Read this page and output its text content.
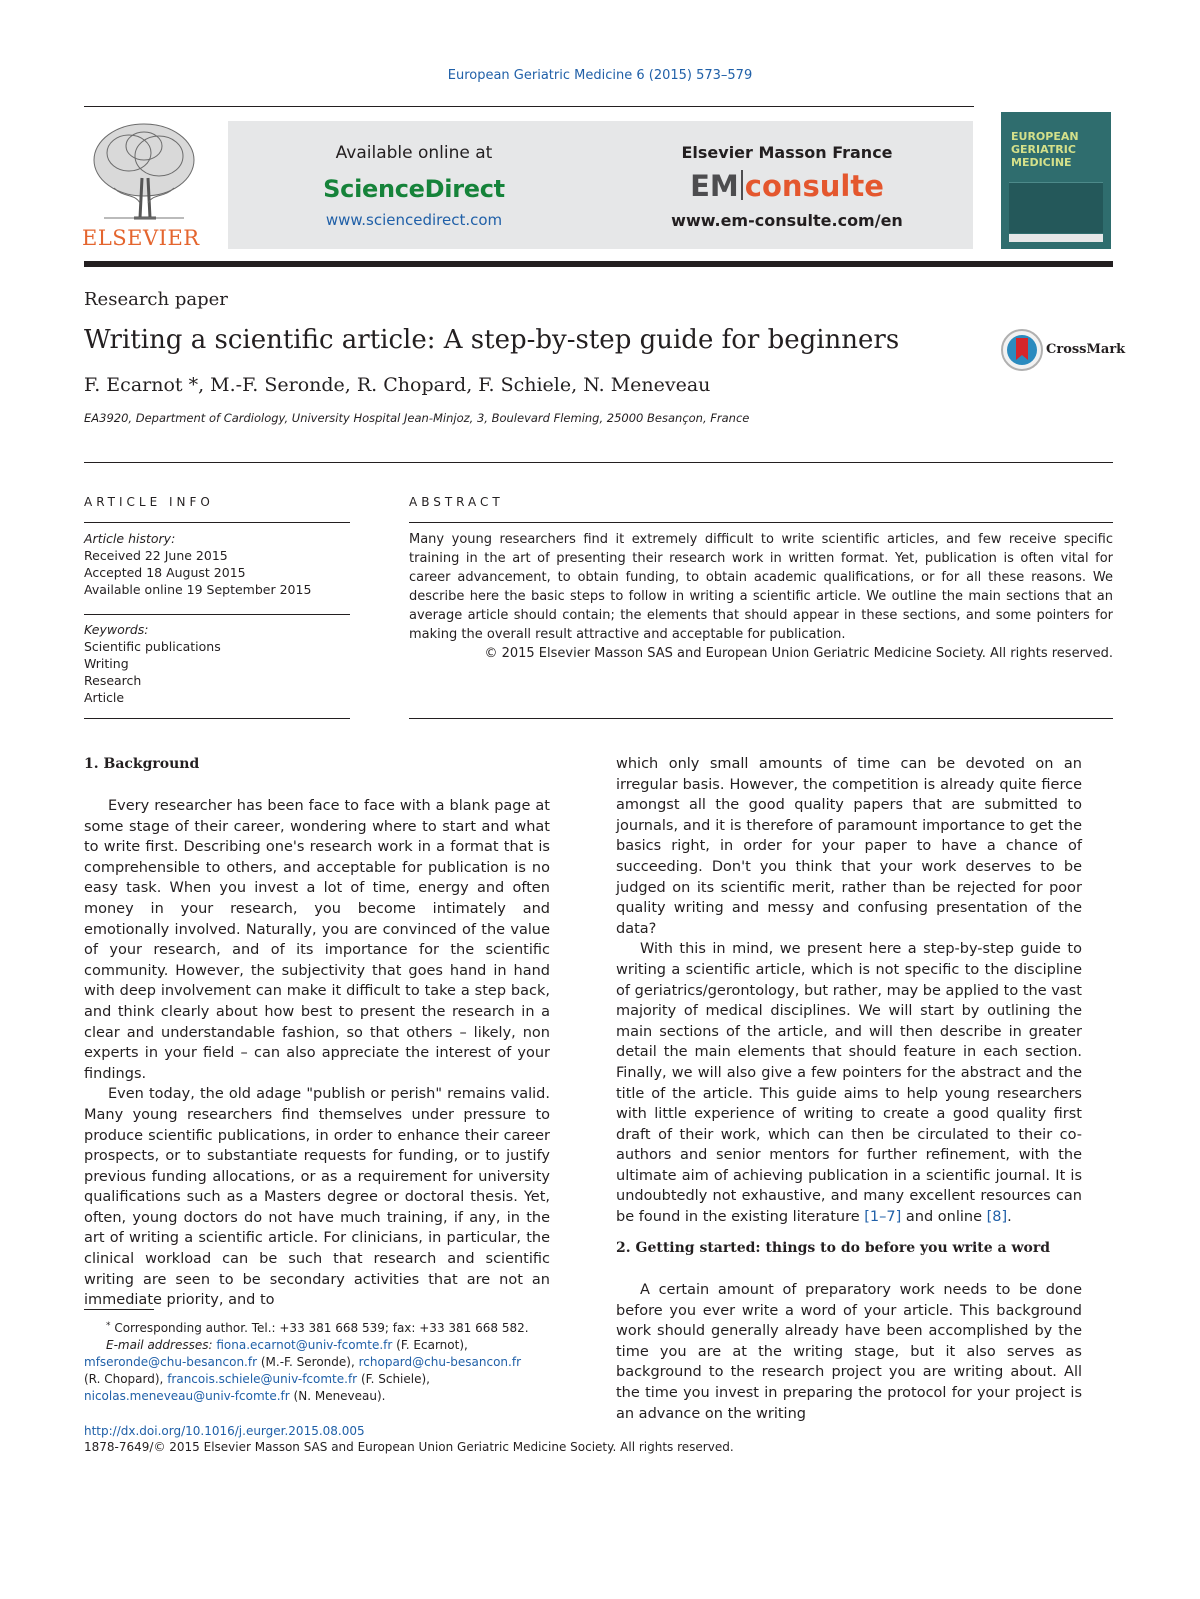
European Geriatric Medicine 6 (2015) 573–579
ELSEVIER
Available online at
ScienceDirect
www.sciencedirect.com
Elsevier Masson France
EM consulte
www.em-consulte.com/en
EUROPEAN
GERIATRIC
MEDICINE
Research paper
Writing a scientific article: A step-by-step guide for beginners
F. Ecarnot *, M.-F. Seronde, R. Chopard, F. Schiele, N. Meneveau
EA3920, Department of Cardiology, University Hospital Jean-Minjoz, 3, Boulevard Fleming, 25000 Besançon, France
CrossMark
ARTICLE INFO
Article history:
Received 22 June 2015
Accepted 18 August 2015
Available online 19 September 2015
Keywords:
Scientific publications
Writing
Research
Article
ABSTRACT
Many young researchers find it extremely difficult to write scientific articles, and few receive specific training in the art of presenting their research work in written format. Yet, publication is often vital for career advancement, to obtain funding, to obtain academic qualifications, or for all these reasons. We describe here the basic steps to follow in writing a scientific article. We outline the main sections that an average article should contain; the elements that should appear in these sections, and some pointers for making the overall result attractive and acceptable for publication.
© 2015 Elsevier Masson SAS and European Union Geriatric Medicine Society. All rights reserved.
1. Background

Every researcher has been face to face with a blank page at some stage of their career, wondering where to start and what to write first. Describing one's research work in a format that is comprehensible to others, and acceptable for publication is no easy task. When you invest a lot of time, energy and often money in your research, you become intimately and emotionally involved. Naturally, you are convinced of the value of your research, and of its importance for the scientific community. However, the subjectivity that goes hand in hand with deep involvement can make it difficult to take a step back, and think clearly about how best to present the research in a clear and understandable fashion, so that others – likely, non experts in your field – can also appreciate the interest of your findings.

Even today, the old adage "publish or perish" remains valid. Many young researchers find themselves under pressure to produce scientific publications, in order to enhance their career prospects, or to substantiate requests for funding, or to justify previous funding allocations, or as a requirement for university qualifications such as a Masters degree or doctoral thesis. Yet, often, young doctors do not have much training, if any, in the art of writing a scientific article. For clinicians, in particular, the clinical workload can be such that research and scientific writing are seen to be secondary activities that are not an immediate priority, and to

which only small amounts of time can be devoted on an irregular basis. However, the competition is already quite fierce amongst all the good quality papers that are submitted to journals, and it is therefore of paramount importance to get the basics right, in order for your paper to have a chance of succeeding. Don't you think that your work deserves to be judged on its scientific merit, rather than be rejected for poor quality writing and messy and confusing presentation of the data?

With this in mind, we present here a step-by-step guide to writing a scientific article, which is not specific to the discipline of geriatrics/gerontology, but rather, may be applied to the vast majority of medical disciplines. We will start by outlining the main sections of the article, and will then describe in greater detail the main elements that should feature in each section. Finally, we will also give a few pointers for the abstract and the title of the article. This guide aims to help young researchers with little experience of writing to create a good quality first draft of their work, which can then be circulated to their co-authors and senior mentors for further refinement, with the ultimate aim of achieving publication in a scientific journal. It is undoubtedly not exhaustive, and many excellent resources can be found in the existing literature [1–7] and online [8].

2. Getting started: things to do before you write a word

A certain amount of preparatory work needs to be done before you ever write a word of your article. This background work should generally already have been accomplished by the time you are at the writing stage, but it also serves as background to the research project you are writing about. All the time you invest in preparing the protocol for your project is an advance on the writing

* Corresponding author. Tel.: +33 381 668 539; fax: +33 381 668 582.
E-mail addresses: fiona.ecarnot@univ-fcomte.fr (F. Ecarnot),
mfseronde@chu-besancon.fr (M.-F. Seronde), rchopard@chu-besancon.fr
(R. Chopard), francois.schiele@univ-fcomte.fr (F. Schiele),
nicolas.meneveau@univ-fcomte.fr (N. Meneveau).
http://dx.doi.org/10.1016/j.eurger.2015.08.005
1878-7649/© 2015 Elsevier Masson SAS and European Union Geriatric Medicine Society. All rights reserved.
